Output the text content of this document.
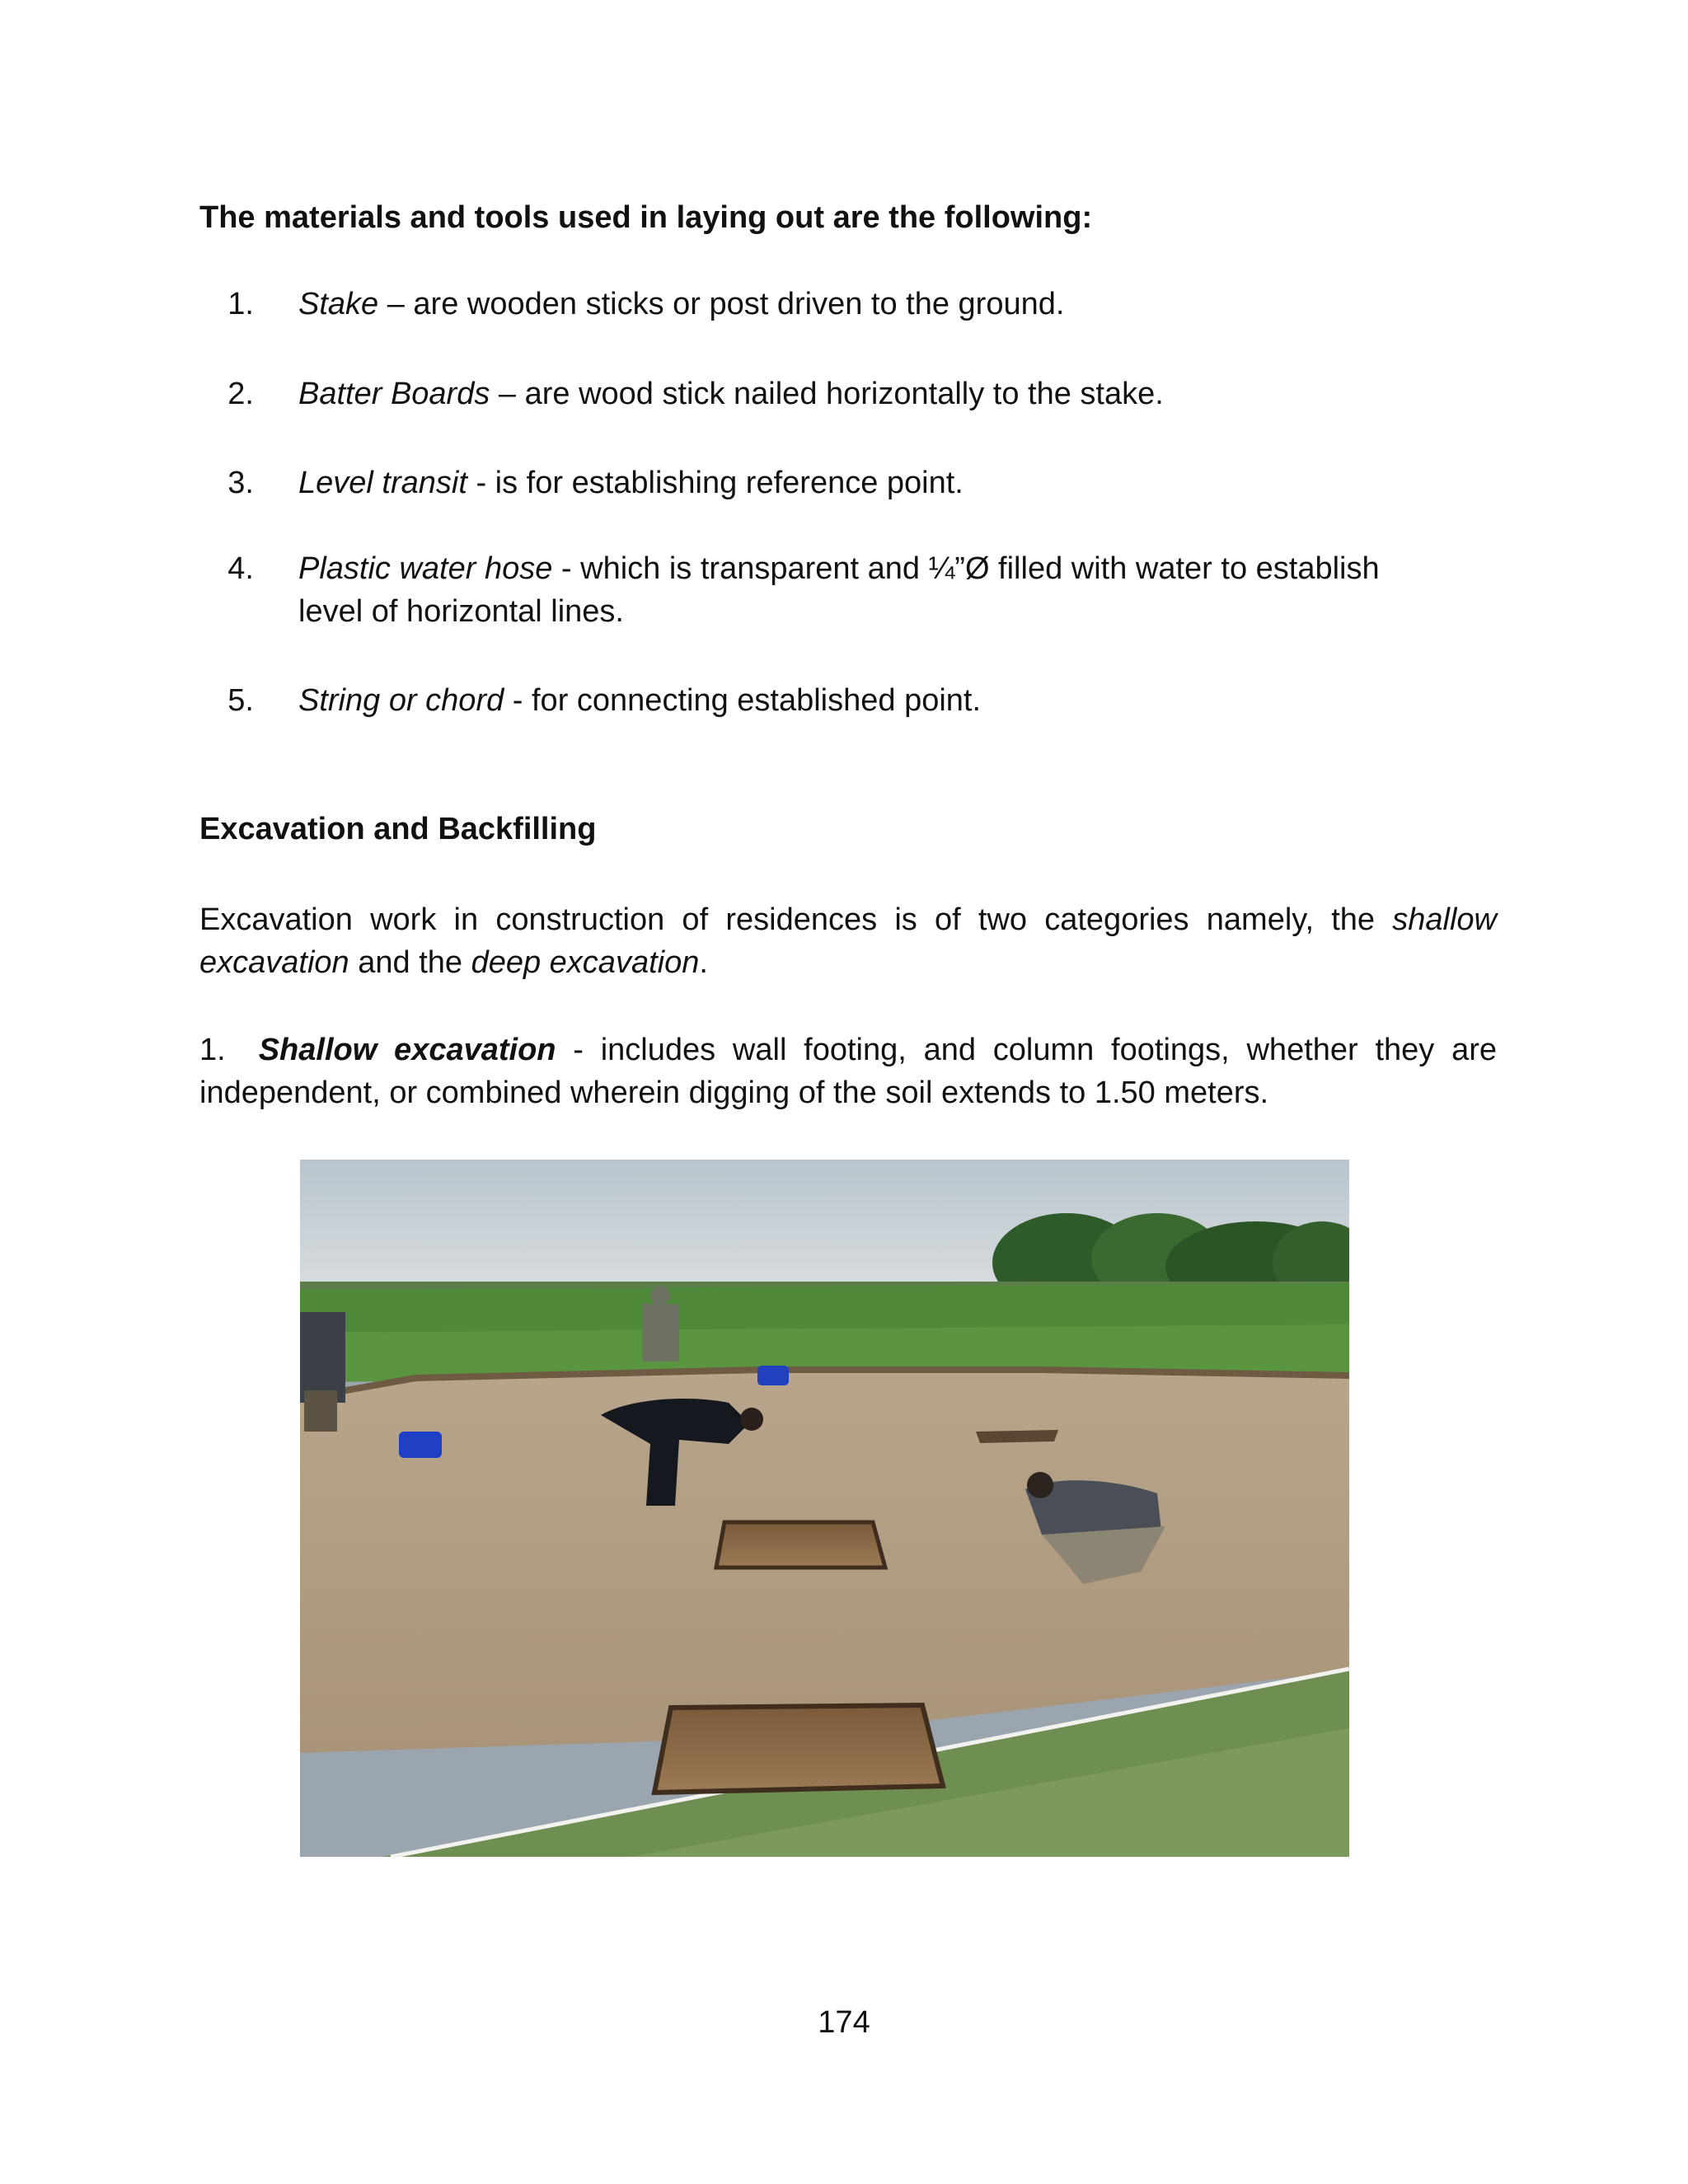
The materials and tools used in laying out are the following:
1. Stake – are wooden sticks or post driven to the ground.
2. Batter Boards – are wood stick nailed horizontally to the stake.
3. Level transit - is for establishing reference point.
4. Plastic water hose - which is transparent and ¼”Ø filled with water to establish
level of horizontal lines.
5. String or chord - for connecting established point.
Excavation and Backfilling
Excavation work in construction of residences is of two categories namely, the shallow excavation and the deep excavation.
1. Shallow excavation - includes wall footing, and column footings, whether they are independent, or combined wherein digging of the soil extends to 1.50 meters.
174
